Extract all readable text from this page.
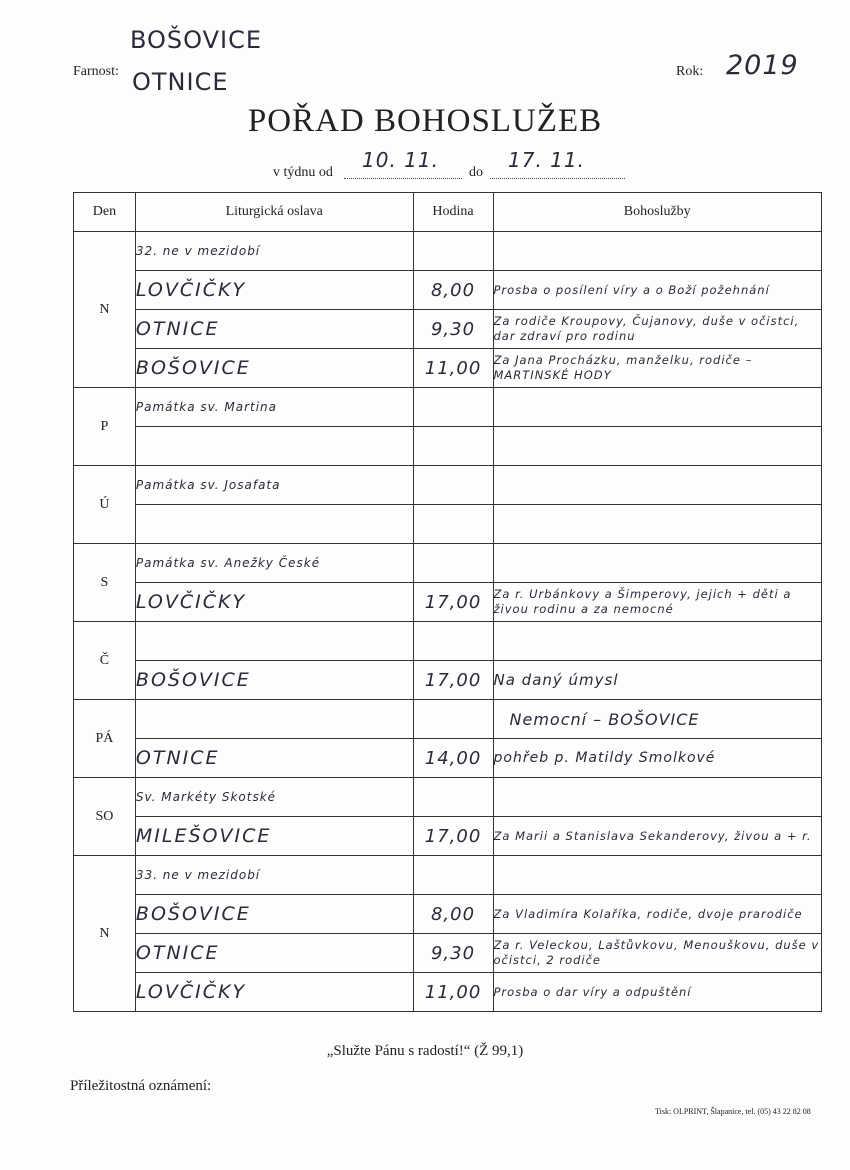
BOŠOVICE
Farnost: OTNICE	Rok: 2019
POŘAD BOHOSLUŽEB
v týdnu od
10. 11.
do
17. 11.
Den	Liturgická oslava	Hodina	Bohoslužby
N	32. ne v mezidobí		
	LOVČIČKY	8,00	Prosba o posílení víry a o Boží požehnání
	OTNICE	9,30	Za rodiče Kroupovy, Čujanovy, duše v očistci, dar zdraví pro rodinu
	BOŠOVICE	11,00	Za Jana Procházku, manželku, rodiče – MARTINSKÉ HODY
P	Památka sv. Martina		

Ú	Památka sv. Josafata		

S	Památka sv. Anežky České		
	LOVČIČKY	17,00	Za r. Urbánkovy a Šimperovy, jejich + děti a živou rodinu a za nemocné
Č			
	BOŠOVICE	17,00	Na daný úmysl
PÁ			Nemocní – BOŠOVICE
	OTNICE	14,00	pohřeb p. Matildy Smolkové
SO	Sv. Markéty Skotské		
	MILEŠOVICE	17,00	Za Marii a Stanislava Sekanderovy, živou a + r.
N	33. ne v mezidobí		
	BOŠOVICE	8,00	Za Vladimíra Kolaříka, rodiče, dvoje prarodiče
	OTNICE	9,30	Za r. Veleckou, Laštůvkovu, Menouškovu, duše v očistci, 2 rodiče
	LOVČIČKY	11,00	Prosba o dar víry a odpuštění
„Služte Pánu s radostí!“ (Ž 99,1)
Příležitostná oznámení:
Tisk: OLPRINT, Šlapanice, tel. (05) 43 22 82 08
